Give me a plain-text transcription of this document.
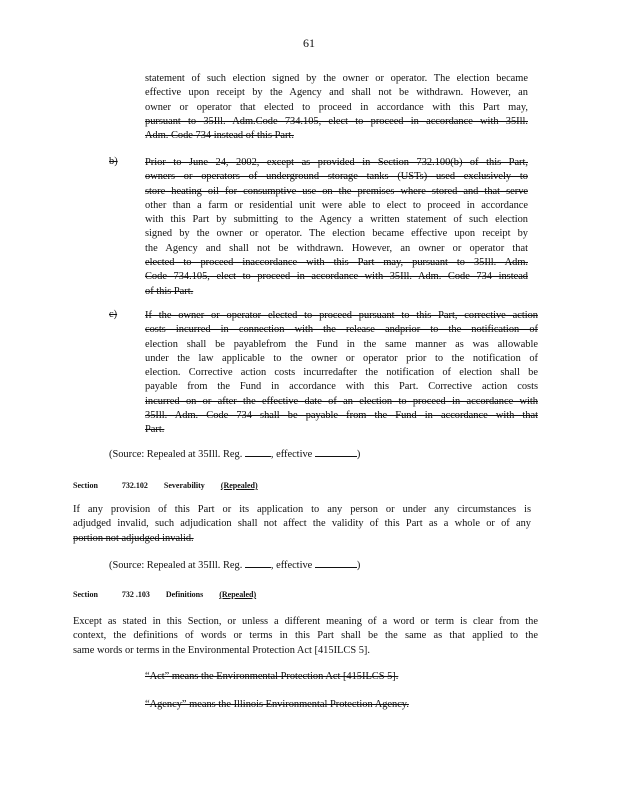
61
statement of such election signed by the owner or operator. The election became
effective upon receipt by the Agency and shall not be withdrawn. However, an
owner or operator that elected to proceed in accordance with this Part may,
pursuant to 35Ill. Adm.Code 734.105, elect to proceed in accordance with 35Ill.
Adm. Code 734 instead of this Part.
b)	Prior to June 24, 2002, except as provided in Section 732.100(b) of this Part,
owners or operators of underground storage tanks (USTs) used exclusively to
store heating oil for consumptive use on the premises where stored and that serve
other than a farm or residential unit were able to elect to proceed in accordance
with this Part by submitting to the Agency a written statement of such election
signed by the owner or operator. The election became effective upon receipt by
the Agency and shall not be withdrawn. However, an owner or operator that
elected to proceed inaccordance with this Part may, pursuant to 35Ill. Adm.
Code 734.105, elect to proceed in accordance with 35Ill. Adm. Code 734 instead
of this Part.
c)	If the owner or operator elected to proceed pursuant to this Part, corrective action
costs incurred in connection with the release andprior to the notification of
election shall be payablefrom the Fund in the same manner as was allowable
under the law applicable to the owner or operator prior to the notification of
election. Corrective action costs incurredafter the notification of election shall be
payable from the Fund in accordance with this Part. Corrective action costs
incurred on or after the effective date of an election to proceed in accordance with
35Ill. Adm. Code 734 shall be payable from the Fund in accordance with that
Part.
(Source: Repealed at 35Ill. Reg.	, effective	)
Section	732.102 Severability (Repealed)
If any provision of this Part or its application to any person or under any circumstances is
adjudged invalid, such adjudication shall not affect the validity of this Part as a whole or of any
portion not adjudged invalid.
(Source: Repealed at 35Ill. Reg.	, effective	)
Section	732 .103 Definitions (Repealed)
Except as stated in this Section, or unless a different meaning of a word or term is clear from the
context, the definitions of words or terms in this Part shall be the same as that applied to the
same words or terms in the Environmental Protection Act [415ILCS 5].
“Act” means the Environmental Protection Act [415ILCS 5].
“Agency” means the Illinois Environmental Protection Agency.
